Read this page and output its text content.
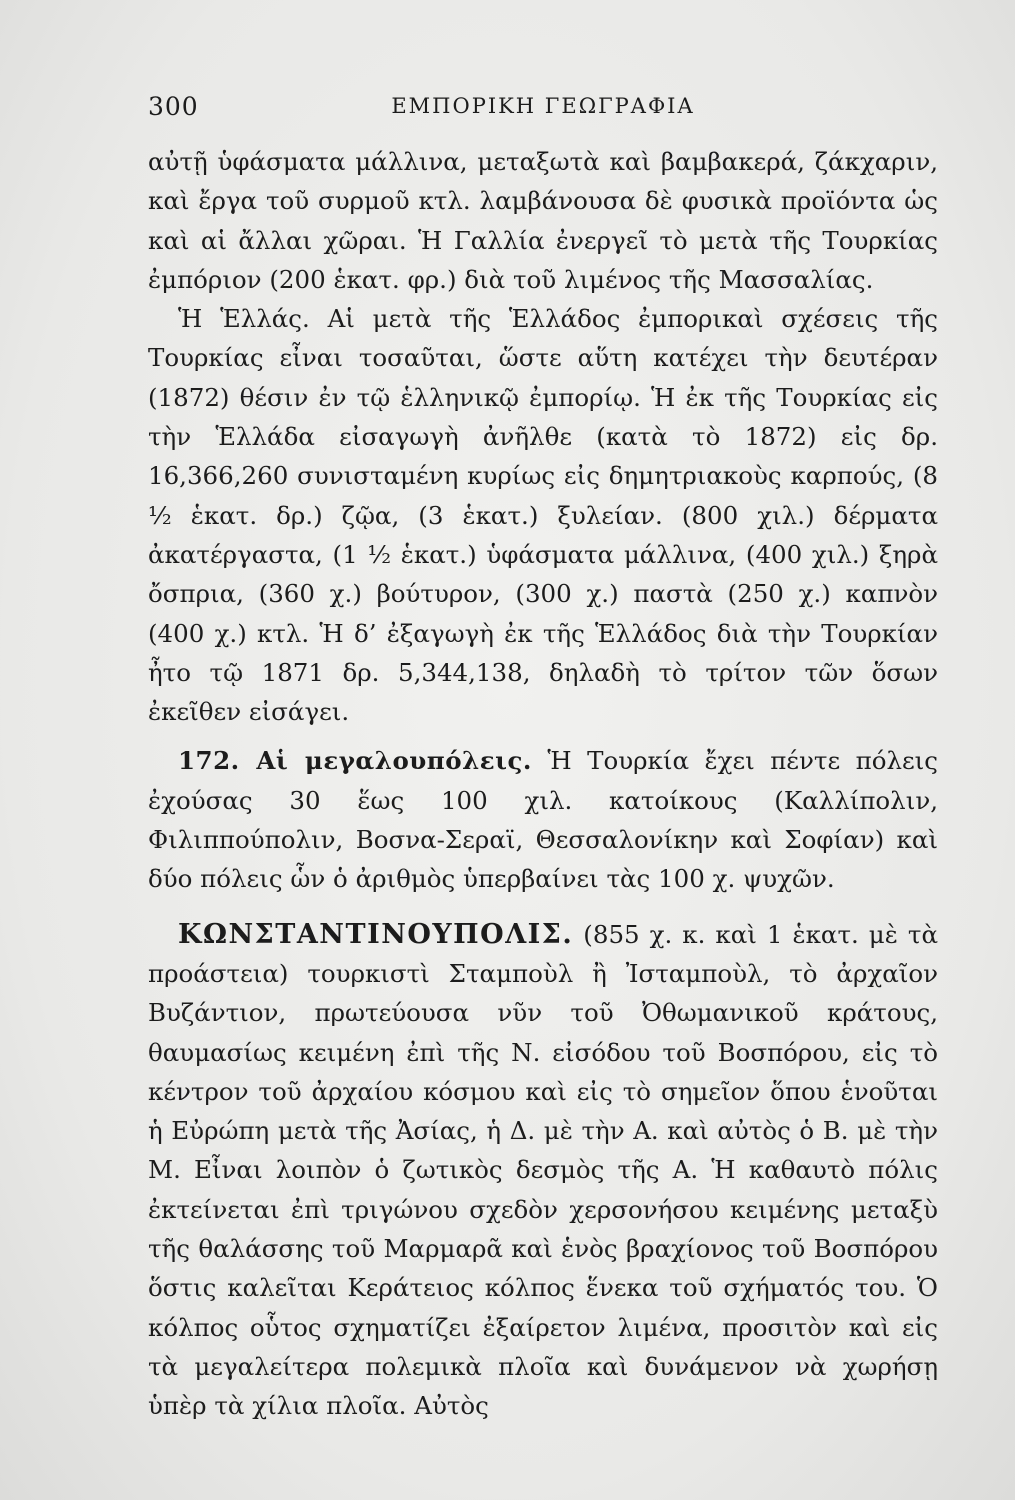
300	ΕΜΠΟΡΙΚΗ ΓΕΩΓΡΑΦΙΑ

αὐτῇ ὑφάσματα μάλλινα, μεταξωτὰ καὶ βαμβακερά, ζάκχαριν, καὶ ἔργα τοῦ συρμοῦ κτλ. λαμβάνουσα δὲ φυσικὰ προϊόντα ὡς καὶ αἱ ἄλλαι χῶραι. Ἡ Γαλλία ἐνεργεῖ τὸ μετὰ τῆς Τουρκίας ἐμπόριον (200 ἑκατ. φρ.) διὰ τοῦ λιμένος τῆς Μασσαλίας.

Ἡ Ἑλλάς. Αἱ μετὰ τῆς Ἑλλάδος ἐμπορικαὶ σχέσεις τῆς Τουρκίας εἶναι τοσαῦται, ὥστε αὕτη κατέχει τὴν δευτέραν (1872) θέσιν ἐν τῷ ἑλληνικῷ ἐμπορίῳ. Ἡ ἐκ τῆς Τουρκίας εἰς τὴν Ἑλλάδα εἰσαγωγὴ ἀνῆλθε (κατὰ τὸ 1872) εἰς δρ. 16,366,260 συνισταμένη κυρίως εἰς δημητριακοὺς καρπούς, (8 ½ ἑκατ. δρ.) ζῷα, (3 ἑκατ.) ξυλείαν. (800 χιλ.) δέρματα ἀκατέργαστα, (1 ½ ἑκατ.) ὑφάσματα μάλλινα, (400 χιλ.) ξηρὰ ὄσπρια, (360 χ.) βούτυρον, (300 χ.) παστὰ (250 χ.) καπνὸν (400 χ.) κτλ. Ἡ δ’ ἐξαγωγὴ ἐκ τῆς Ἑλλάδος διὰ τὴν Τουρκίαν ἦτο τῷ 1871 δρ. 5,344,138, δηλαδὴ τὸ τρίτον τῶν ὅσων ἐκεῖθεν εἰσάγει.

172. Αἱ μεγαλουπόλεις. Ἡ Τουρκία ἔχει πέντε πόλεις ἐχούσας 30 ἕως 100 χιλ. κατοίκους (Καλλίπολιν, Φιλιππούπολιν, Βοσνα-Σεραϊ, Θεσσαλονίκην καὶ Σοφίαν) καὶ δύο πόλεις ὧν ὁ ἀριθμὸς ὑπερβαίνει τὰς 100 χ. ψυχῶν.

ΚΩΝΣΤΑΝΤΙΝΟΥΠΟΛΙΣ. (855 χ. κ. καὶ 1 ἑκατ. μὲ τὰ προάστεια) τουρκιστὶ Σταμποὺλ ἢ Ἰσταμποὺλ, τὸ ἀρχαῖον Βυζάντιον, πρωτεύουσα νῦν τοῦ Ὀθωμανικοῦ κράτους, θαυμασίως κειμένη ἐπὶ τῆς Ν. εἰσόδου τοῦ Βοσπόρου, εἰς τὸ κέντρον τοῦ ἀρχαίου κόσμου καὶ εἰς τὸ σημεῖον ὅπου ἑνοῦται ἡ Εὐρώπη μετὰ τῆς Ἀσίας, ἡ Δ. μὲ τὴν Α. καὶ αὐτὸς ὁ Β. μὲ τὴν Μ. Εἶναι λοιπὸν ὁ ζωτικὸς δεσμὸς τῆς Α. Ἡ καθαυτὸ πόλις ἐκτείνεται ἐπὶ τριγώνου σχεδὸν χερσονήσου κειμένης μεταξὺ τῆς θαλάσσης τοῦ Μαρμαρᾶ καὶ ἑνὸς βραχίονος τοῦ Βοσπόρου ὅστις καλεῖται Κεράτειος κόλπος ἕνεκα τοῦ σχήματός του. Ὁ κόλπος οὗτος σχηματίζει ἐξαίρετον λιμένα, προσιτὸν καὶ εἰς τὰ μεγαλείτερα πολεμικὰ πλοῖα καὶ δυνάμενον νὰ χωρήσῃ ὑπὲρ τὰ χίλια πλοῖα. Αὐτὸς
